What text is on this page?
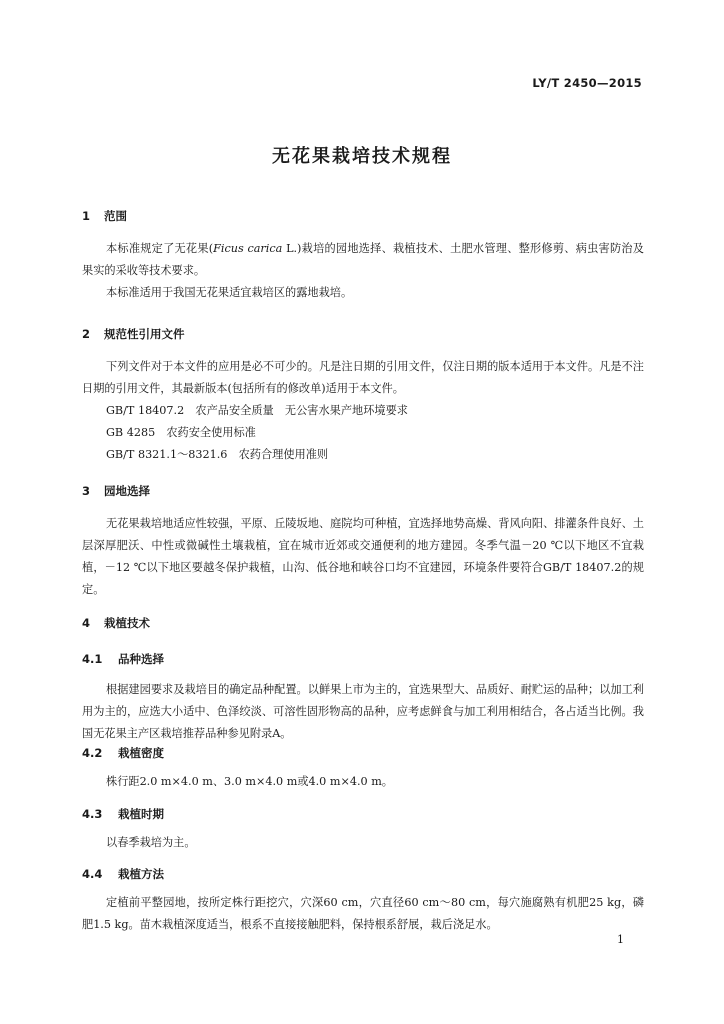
LY/T 2450—2015
无花果栽培技术规程
1 范围
本标准规定了无花果(Ficus carica L.)栽培的园地选择、栽植技术、土肥水管理、整形修剪、病虫害防治及果实的采收等技术要求。
本标准适用于我国无花果适宜栽培区的露地栽培。
2 规范性引用文件
下列文件对于本文件的应用是必不可少的。凡是注日期的引用文件，仅注日期的版本适用于本文件。凡是不注日期的引用文件，其最新版本(包括所有的修改单)适用于本文件。
GB/T 18407.2　农产品安全质量　无公害水果产地环境要求
GB 4285　农药安全使用标准
GB/T 8321.1～8321.6　农药合理使用准则
3 园地选择
无花果栽培地适应性较强，平原、丘陵坂地、庭院均可种植，宜选择地势高燥、背风向阳、排灌条件良好、土层深厚肥沃、中性或微碱性土壤栽植，宜在城市近郊或交通便利的地方建园。冬季气温－20 ℃以下地区不宜栽植，－12 ℃以下地区要越冬保护栽植，山沟、低谷地和峡谷口均不宜建园，环境条件要符合GB/T 18407.2的规定。
4 栽植技术
4.1 品种选择
根据建园要求及栽培目的确定品种配置。以鲜果上市为主的，宜选果型大、品质好、耐贮运的品种；以加工利用为主的，应选大小适中、色泽绞淡、可溶性固形物高的品种，应考虑鲜食与加工利用相结合，各占适当比例。我国无花果主产区栽培推荐品种参见附录A。
4.2 栽植密度
株行距2.0 m×4.0 m、3.0 m×4.0 m或4.0 m×4.0 m。
4.3 栽植时期
以春季栽培为主。
4.4 栽植方法
定植前平整园地，按所定株行距挖穴，穴深60 cm，穴直径60 cm～80 cm，每穴施腐熟有机肥25 kg，磷肥1.5 kg。苗木栽植深度适当，根系不直接接触肥料，保持根系舒展，栽后浇足水。
1
